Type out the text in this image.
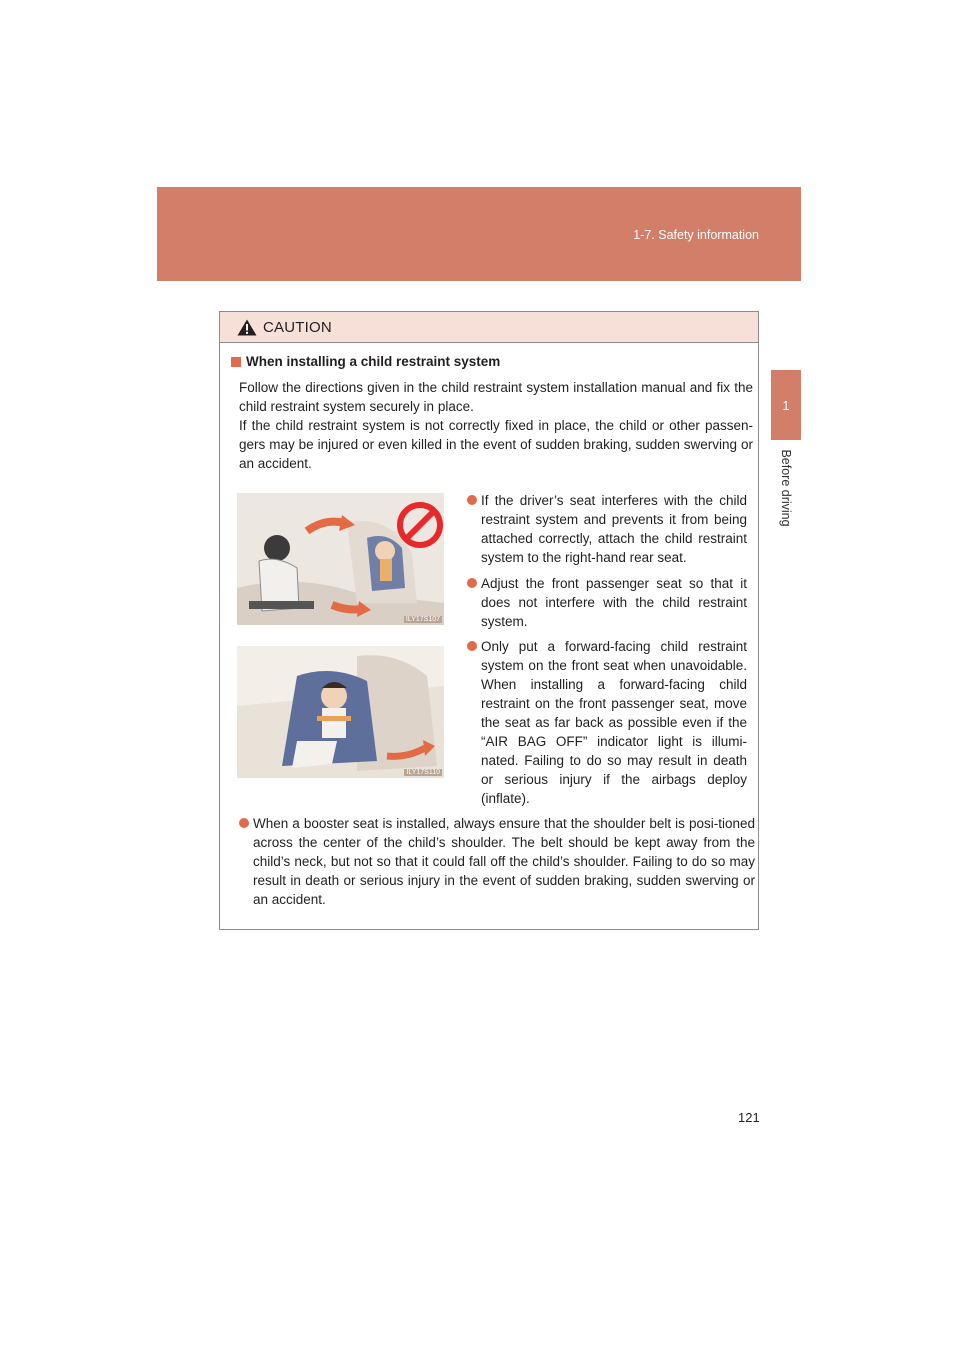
1-7. Safety information
1
Before driving
CAUTION
When installing a child restraint system

Follow the directions given in the child restraint system installation manual and fix the child restraint system securely in place.

If the child restraint system is not correctly fixed in place, the child or other passen-gers may be injured or even killed in the event of sudden braking, sudden swerving or an accident.

ILY17S107
ILY17S110
If the driver’s seat interferes with the child restraint system and prevents it from being attached correctly, attach the child restraint system to the right-hand rear seat.
Adjust the front passenger seat so that it does not interfere with the child restraint system.
Only put a forward-facing child restraint system on the front seat when unavoidable. When installing a forward-facing child restraint on the front passenger seat, move the seat as far back as possible even if the “AIR BAG OFF” indicator light is illumi-nated. Failing to do so may result in death or serious injury if the airbags deploy (inflate).
When a booster seat is installed, always ensure that the shoulder belt is posi-tioned across the center of the child’s shoulder. The belt should be kept away from the child’s neck, but not so that it could fall off the child’s shoulder. Failing to do so may result in death or serious injury in the event of sudden braking, sudden swerving or an accident.
121
